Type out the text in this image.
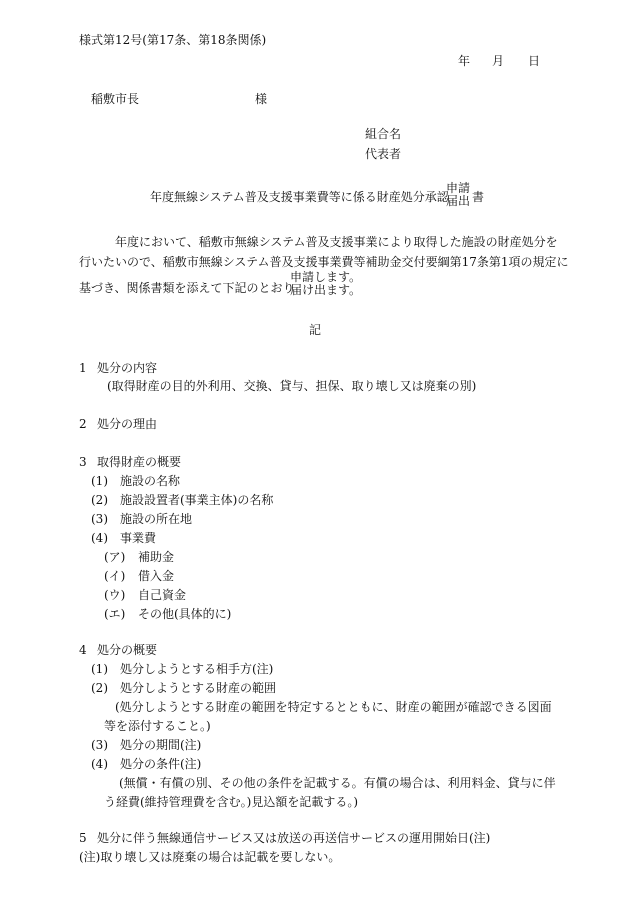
様式第12号(第17条、第18条関係)
年 月 日
稲敷市長	様
組合名
代表者
年度無線システム普及支援事業費等に係る財産処分承認
申請
届出 書
年度において、稲敷市無線システム普及支援事業により取得した施設の財産処分を
行いたいので、稲敷市無線システム普及支援事業費等補助金交付要綱第17条第1項の規定に
基づき、関係書類を添えて下記のとおり
申請します。
届け出ます。
記
1 処分の内容
(取得財産の目的外利用、交換、貸与、担保、取り壊し又は廃棄の別)
2 処分の理由
3 取得財産の概要
(1) 施設の名称
(2) 施設設置者(事業主体)の名称
(3) 施設の所在地
(4) 事業費
(ア) 補助金
(イ) 借入金
(ウ) 自己資金
(エ) その他(具体的に)
4 処分の概要
(1) 処分しようとする相手方(注)
(2) 処分しようとする財産の範囲
(処分しようとする財産の範囲を特定するとともに、財産の範囲が確認できる図面
等を添付すること。)
(3) 処分の期間(注)
(4) 処分の条件(注)
(無償・有償の別、その他の条件を記載する。有償の場合は、利用料金、貸与に伴
う経費(維持管理費を含む。)見込額を記載する。)
5 処分に伴う無線通信サービス又は放送の再送信サービスの運用開始日(注)
(注)取り壊し又は廃棄の場合は記載を要しない。
